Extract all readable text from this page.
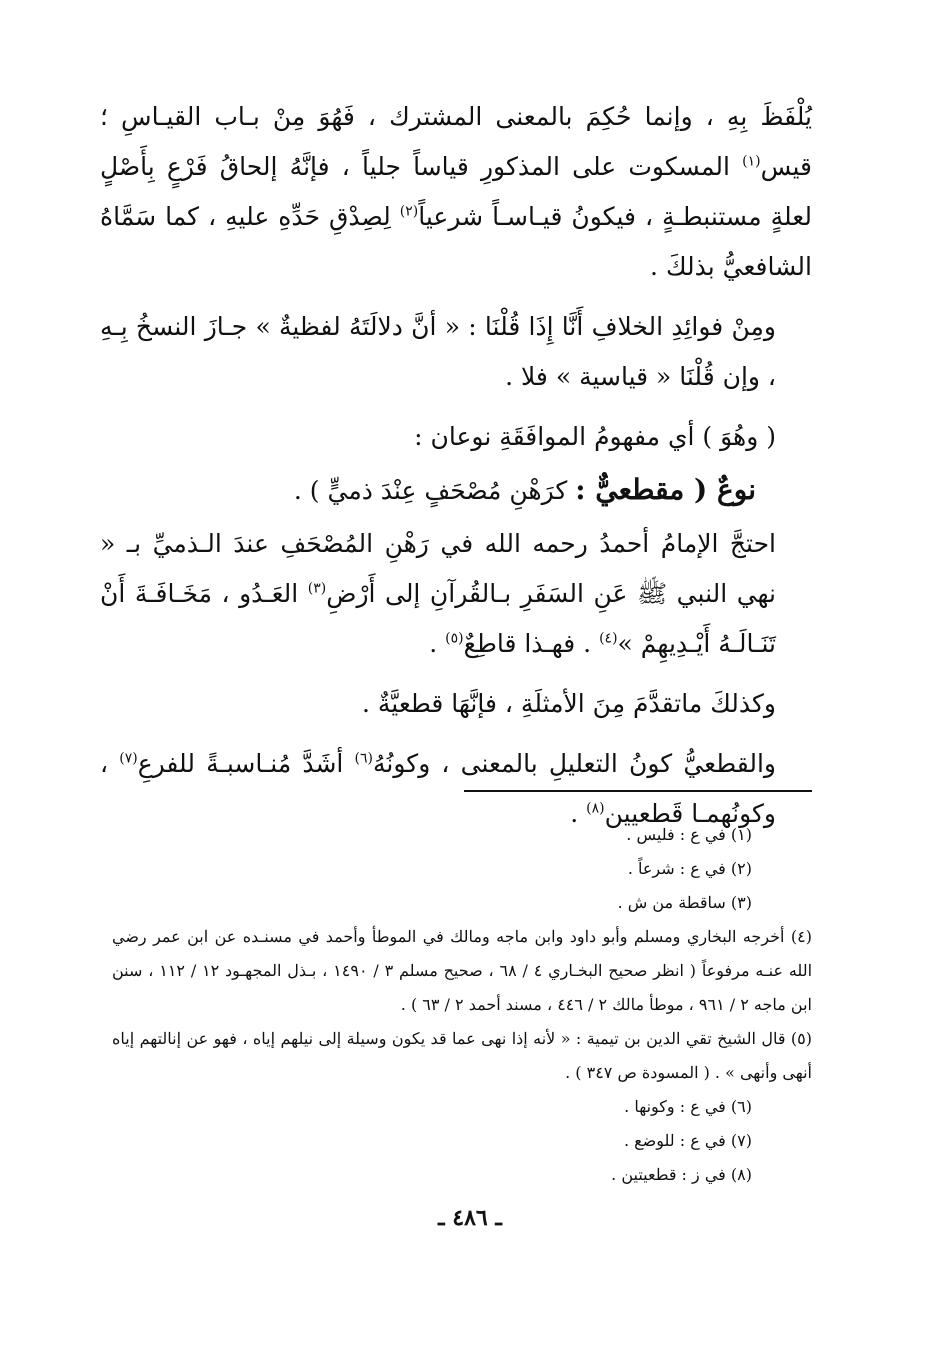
يُلْفَظَ بِهِ ، وإنما حُكِمَ بالمعنى المشترك ، فَهُوَ مِنْ بـاب القيـاسِ ؛ قيس$^{(١)}$ المسكوت على المذكورِ قياساً جلياً ، فإنَّهُ إلحاقُ فَرْعٍ بِأَصْلٍ لعلةٍ مستنبطـةٍ ، فيكونُ قيـاسـاً شرعياً$^{(٢)}$ لِصِدْقِ حَدِّهِ عليهِ ، كما سَمَّاهُ الشافعيُّ بذلكَ .

ومِنْ فوائِدِ الخلافِ أَنَّا إِذَا قُلْنَا : « أنَّ دلالَتَهُ لفظيةٌ » جـازَ النسخُ بِـهِ ، وإن قُلْنَا « قياسية » فلا .

( وهُوَ ) أي مفهومُ الموافَقَةِ نوعان :

نوعٌ ( مقطعيٌّ : كرَهْنِ مُصْحَفٍ عِنْدَ ذميٍّ ) .

احتجَّ الإمامُ أحمدُ رحمه الله في رَهْنِ المُصْحَفِ عندَ الـذميِّ بـ « نهي النبي ﷺ عَنِ السَفَرِ بـالقُرآنِ إلى أَرْضِ$^{(٣)}$ العَـدُو ، مَخَـافَـةَ أَنْ تَنَـالَـهُ أَيْـدِيهِمْ »$^{(٤)}$ . فهـذا قاطِعٌ$^{(٥)}$ .

وكذلكَ ماتقدَّمَ مِنَ الأمثلَةِ ، فإنَّهَا قطعيَّةٌ .

والقطعيُّ كونُ التعليلِ بالمعنى ، وكونُهُ$^{(٦)}$ أشَدَّ مُنـاسبـةً للفرعِ$^{(٧)}$ ، وكونُهمـا قَطعيين$^{(٨)}$ .

(١) في ع : فليس .

(٢) في ع : شرعاً .

(٣) ساقطة من ش .

(٤) أخرجه البخاري ومسلم وأبو داود وابن ماجه ومالك في الموطأ وأحمد في مسنـده عن ابن عمر رضي الله عنـه مرفوعاً ( انظر صحيح البخـاري ٤ / ٦٨ ، صحيح مسلم ٣ / ١٤٩٠ ، بـذل المجهـود ١٢ / ١١٢ ، سنن ابن ماجه ٢ / ٩٦١ ، موطأ مالك ٢ / ٤٤٦ ، مسند أحمد ٢ / ٦٣ ) .

(٥) قال الشيخ تقي الدين بن تيمية : « لأنه إذا نهى عما قد يكون وسيلة إلى نيلهم إياه ، فهو عن إنالتهم إياه أنهى وأنهى » . ( المسودة ص ٣٤٧ ) .

(٦) في ع : وكونها .

(٧) في ع : للوضع .

(٨) في ز : قطعيتين .

ـ ٤٨٦ ـ
